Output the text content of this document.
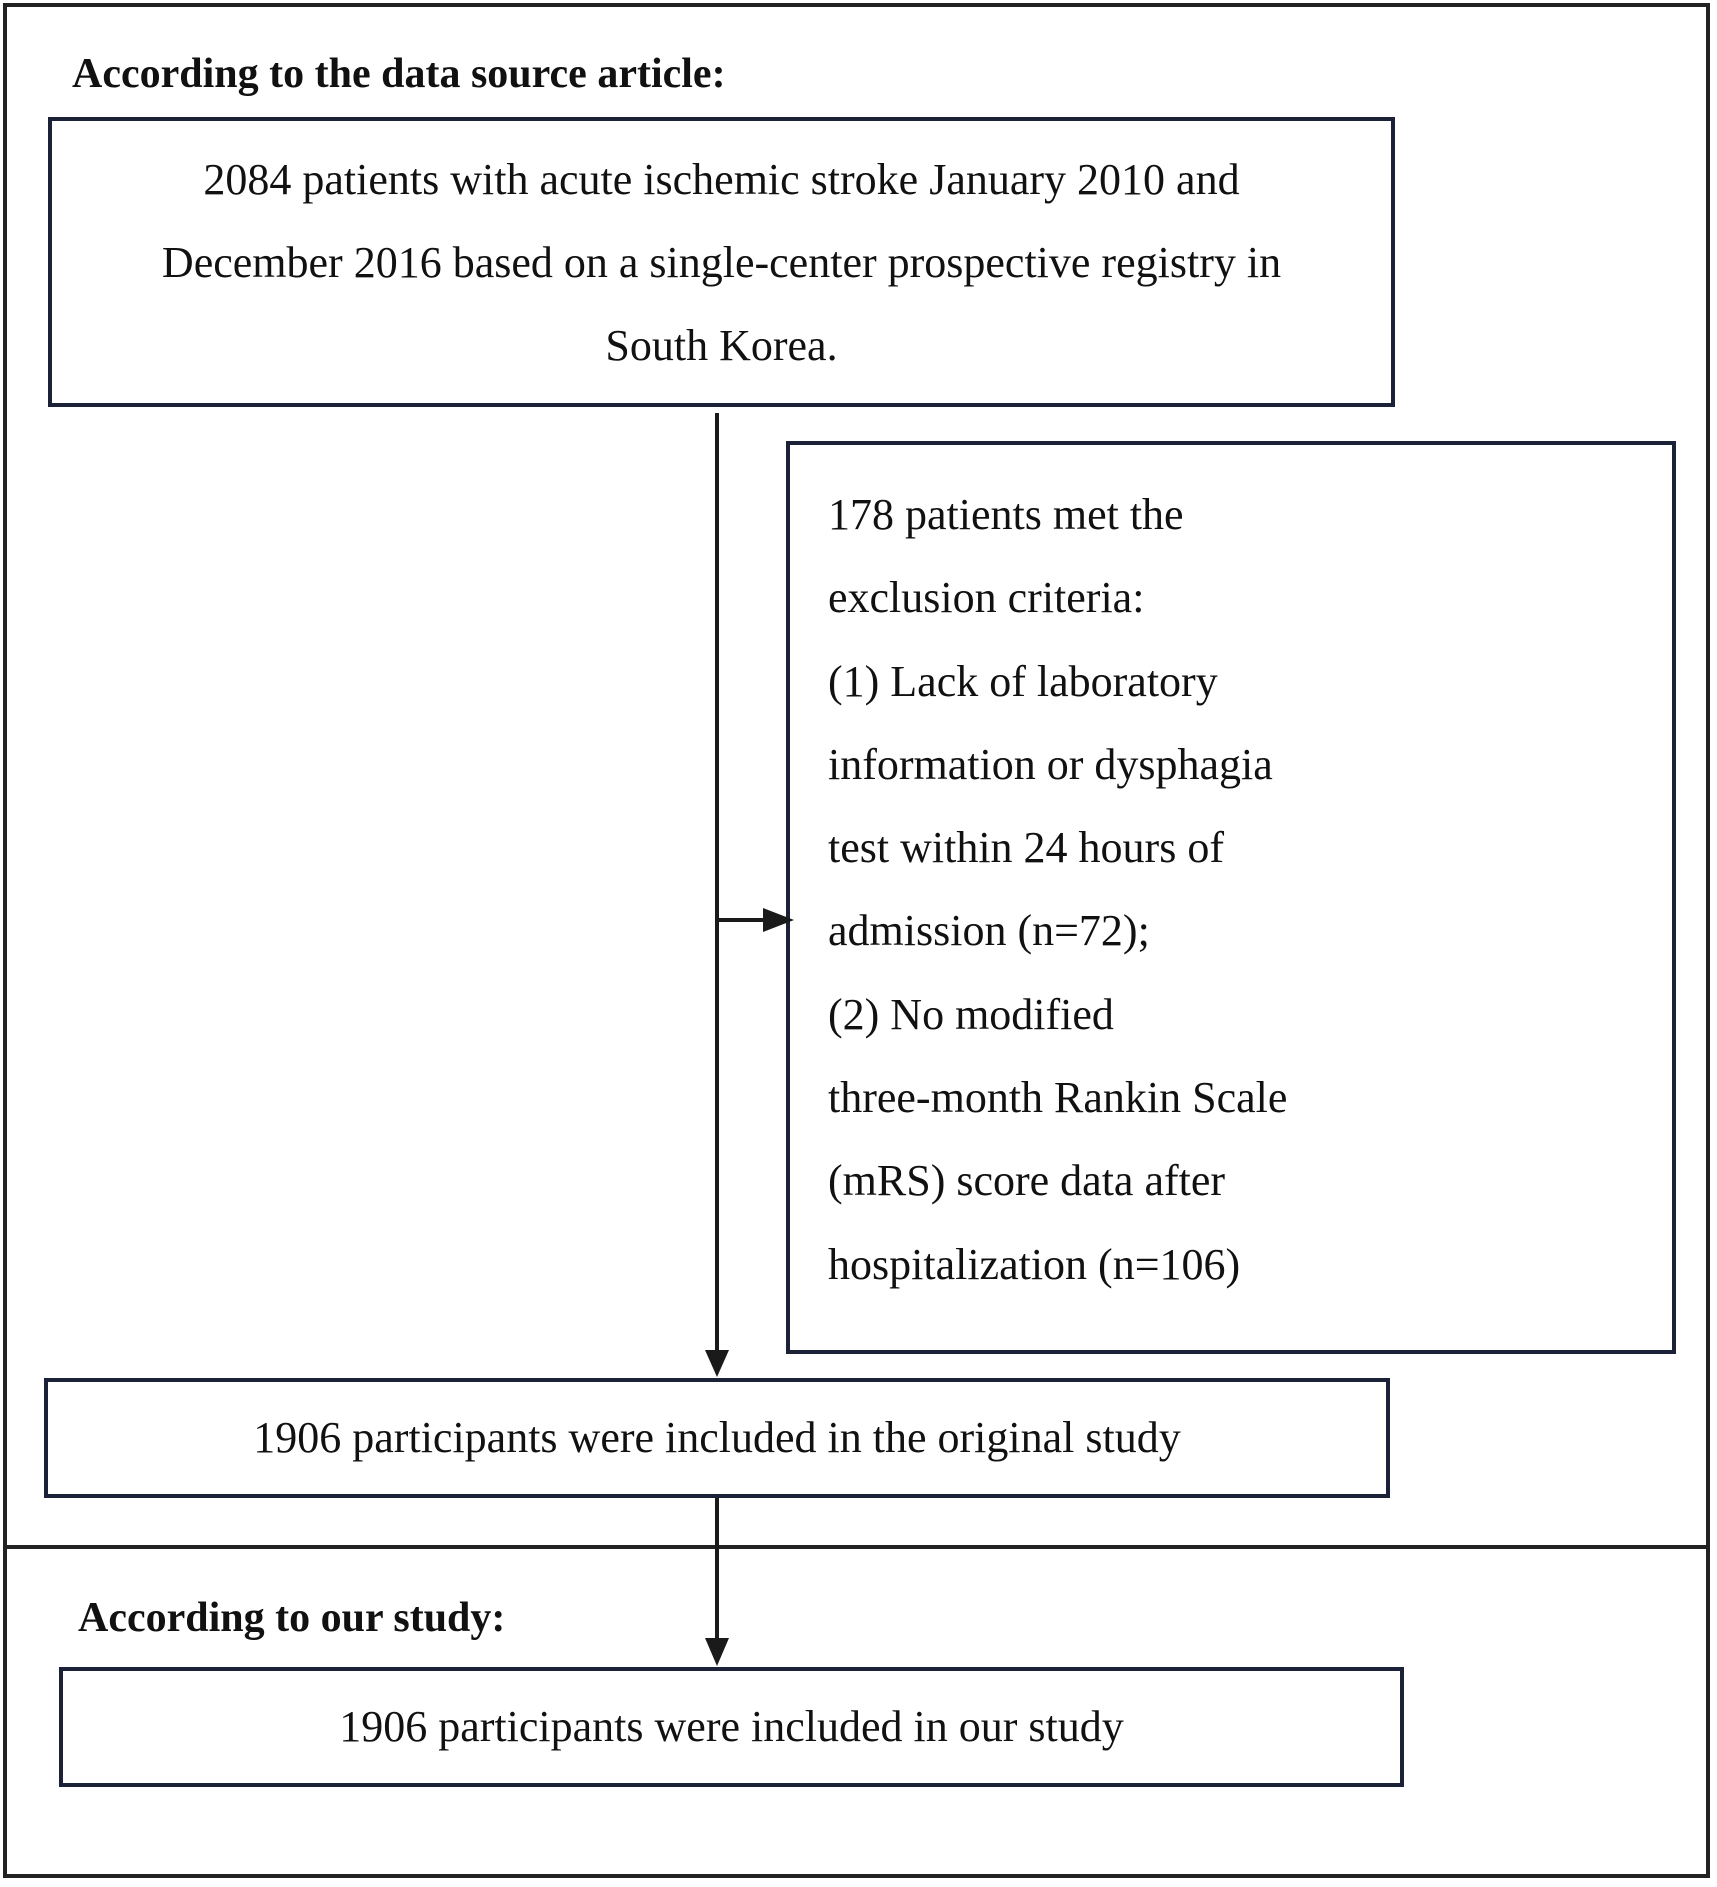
According to the data source article:
2084 patients with acute ischemic stroke January 2010 and December 2016 based on a single-center prospective registry in South Korea.
178 patients met the
exclusion criteria:
(1) Lack of laboratory
information or dysphagia
test within 24 hours of
admission (n=72);
(2) No modified
three-month Rankin Scale
(mRS) score data after
hospitalization (n=106)
1906 participants were included in the original study
According to our study:
1906 participants were included in our study
